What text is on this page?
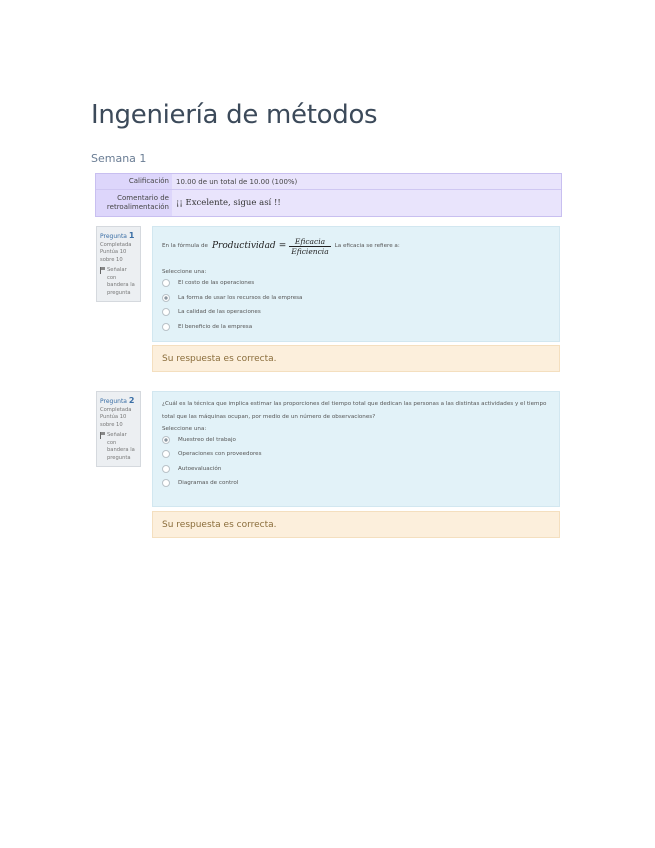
Ingeniería de métodos
Semana 1
Calificación	10.00 de un total de 10.00 (100%)
Comentario de retroalimentación ¡¡ Excelente, sigue así !!
Pregunta 1
Completada
Puntúa 10 sobre 10
Señalar con bandera la pregunta
En la fórmula de Productividad = $\frac{\text{Eficacia}}{\text{Eficiencia}}$ La eficacia se refiere a:
Seleccione una:
El costo de las operaciones
La forma de usar los recursos de la empresa
La calidad de las operaciones
El beneficio de la empresa
Su respuesta es correcta.
Pregunta 2
Completada
Puntúa 10 sobre 10
Señalar con bandera la pregunta
¿Cuál es la técnica que implica estimar las proporciones del tiempo total que dedican las personas a las distintas actividades y el tiempo total que las máquinas ocupan, por medio de un número de observaciones?
Seleccione una:
Muestreo del trabajo
Operaciones con proveedores
Autoevaluación
Diagramas de control
Su respuesta es correcta.
